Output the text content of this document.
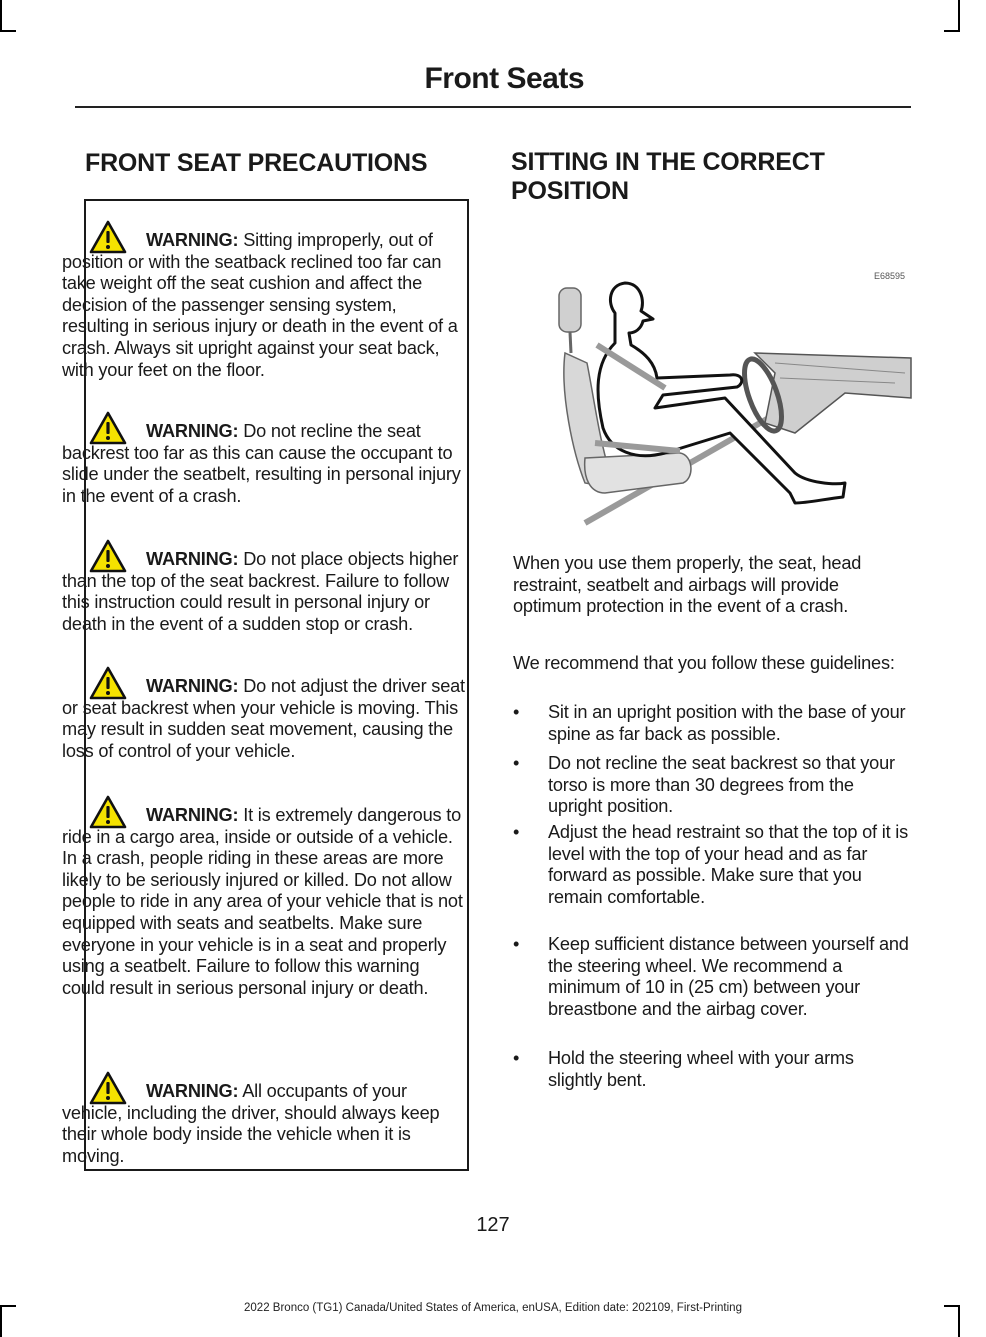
Front Seats
FRONT SEAT PRECAUTIONS

WARNING: Sitting improperly, out of position or with the seatback reclined too far can take weight off the seat cushion and affect the decision of the passenger sensing system, resulting in serious injury or death in the event of a crash. Always sit upright against your seat back, with your feet on the floor.

WARNING: Do not recline the seat backrest too far as this can cause the occupant to slide under the seatbelt, resulting in personal injury in the event of a crash.

WARNING: Do not place objects higher than the top of the seat backrest. Failure to follow this instruction could result in personal injury or death in the event of a sudden stop or crash.

WARNING: Do not adjust the driver seat or seat backrest when your vehicle is moving. This may result in sudden seat movement, causing the loss of control of your vehicle.

WARNING: It is extremely dangerous to ride in a cargo area, inside or outside of a vehicle. In a crash, people riding in these areas are more likely to be seriously injured or killed. Do not allow people to ride in any area of your vehicle that is not equipped with seats and seatbelts. Make sure everyone in your vehicle is in a seat and properly using a seatbelt. Failure to follow this warning could result in serious personal injury or death.

WARNING: All occupants of your vehicle, including the driver, should always keep their whole body inside the vehicle when it is moving.

SITTING IN THE CORRECT
POSITION
E68595

When you use them properly, the seat, head restraint, seatbelt and airbags will provide optimum protection in the event of a crash.

We recommend that you follow these guidelines:

• Sit in an upright position with the base of your spine as far back as possible.
• Do not recline the seat backrest so that your torso is more than 30 degrees from the upright position.
• Adjust the head restraint so that the top of it is level with the top of your head and as far forward as possible. Make sure that you remain comfortable.
• Keep sufficient distance between yourself and the steering wheel. We recommend a minimum of 10 in (25 cm) between your breastbone and the airbag cover.
• Hold the steering wheel with your arms slightly bent.
127
2022 Bronco (TG1) Canada/United States of America, enUSA, Edition date: 202109, First-Printing
